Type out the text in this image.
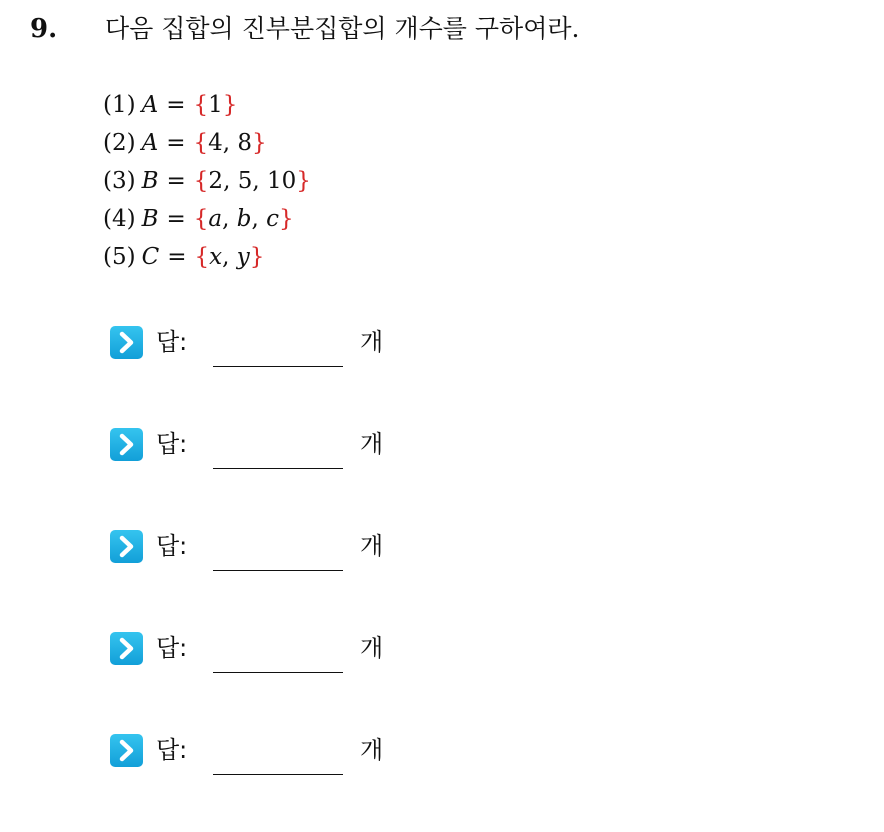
9. 다음 집합의 진부분집합의 개수를 구하여라.
(1) A = {1}
(2) A = {4, 8}
(3) B = {2, 5, 10}
(4) B = {a, b, c}
(5) C = {x, y}
답:	개
답:	개
답:	개
답:	개
답:	개
